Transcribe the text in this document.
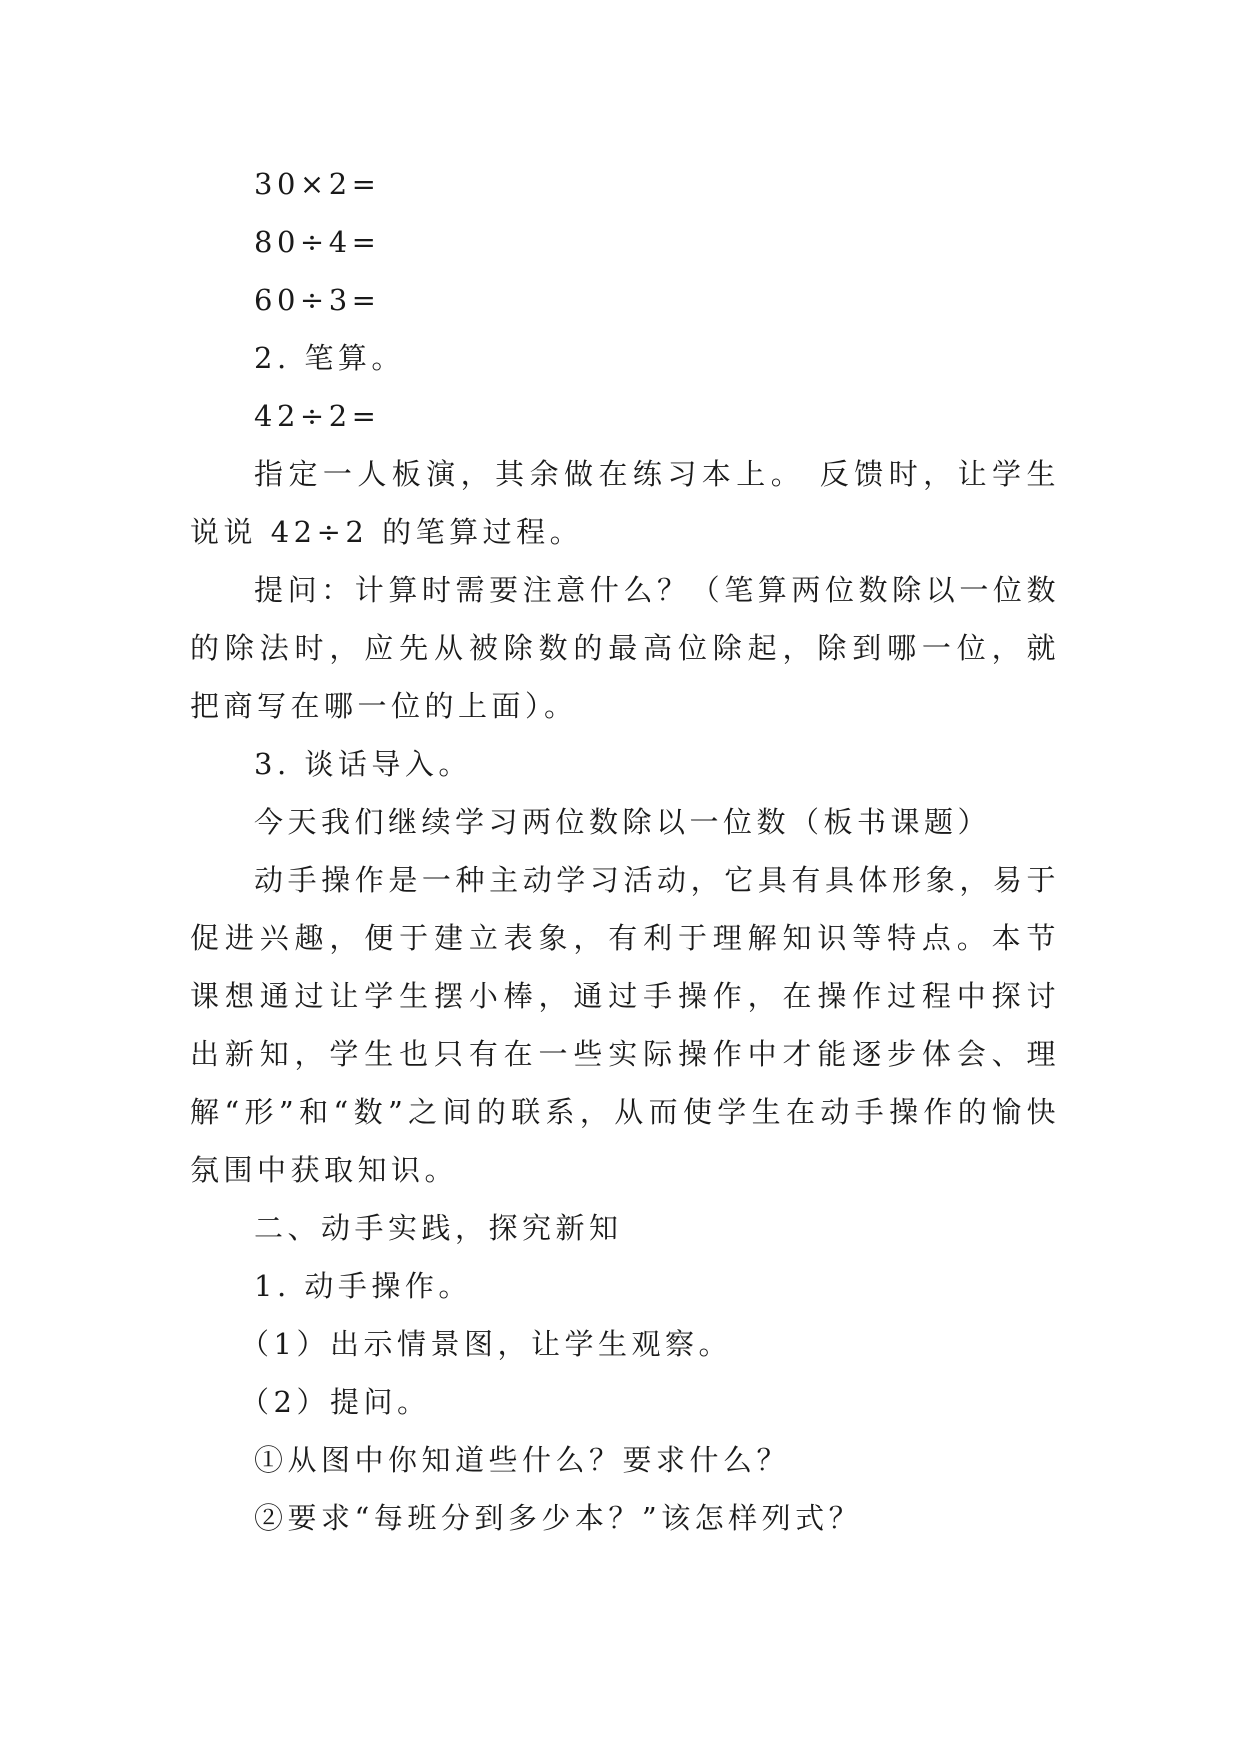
30×2=

80÷4=

60÷3=

2. 笔算。

42÷2=

指定一人板演，其余做在练习本上。 反馈时，让学生说说 42÷2 的笔算过程。

提问：计算时需要注意什么？（笔算两位数除以一位数的除法时，应先从被除数的最高位除起，除到哪一位，就把商写在哪一位的上面）。

3. 谈话导入。

今天我们继续学习两位数除以一位数（板书课题）

动手操作是一种主动学习活动，它具有具体形象，易于促进兴趣，便于建立表象，有利于理解知识等特点。本节课想通过让学生摆小棒，通过手操作，在操作过程中探讨出新知，学生也只有在一些实际操作中才能逐步体会、理解“形”和“数”之间的联系，从而使学生在动手操作的愉快氛围中获取知识。

二、动手实践，探究新知

1. 动手操作。

（1）出示情景图，让学生观察。

（2）提问。

①从图中你知道些什么？要求什么？

②要求“每班分到多少本？”该怎样列式？
